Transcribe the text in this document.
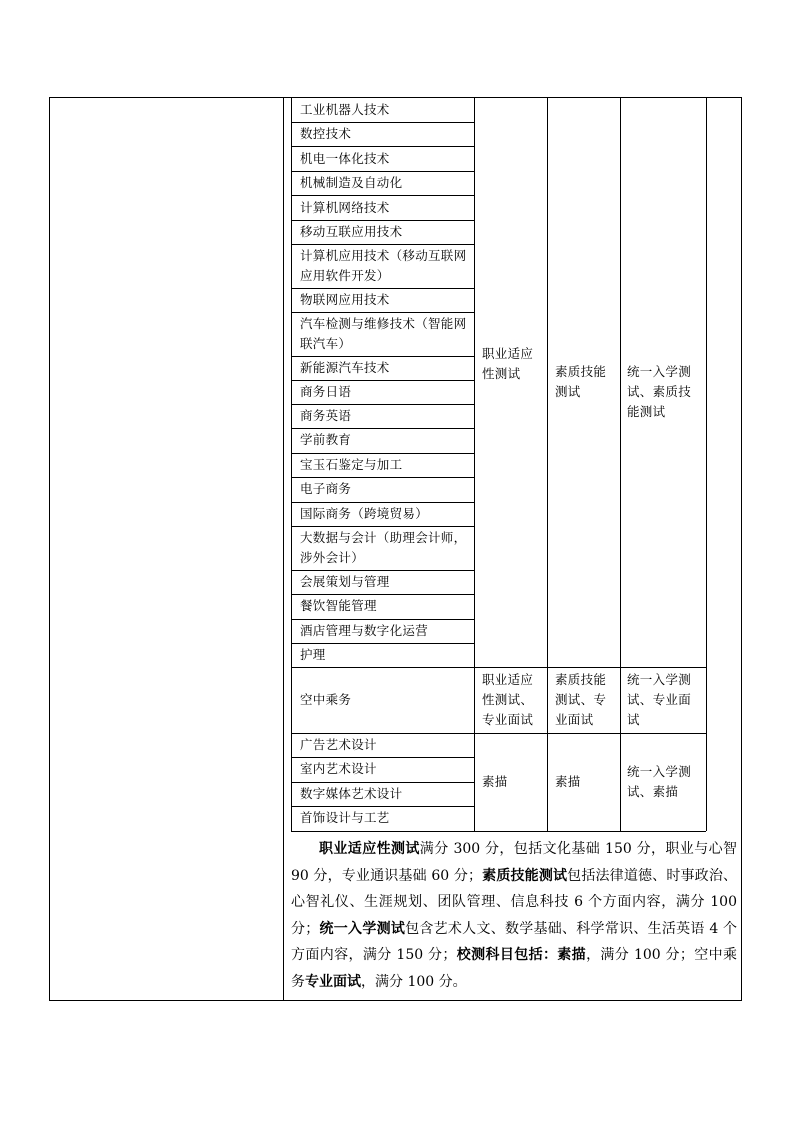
工业机器人技术
数控技术
机电一体化技术
机械制造及自动化
计算机网络技术
移动互联应用技术
计算机应用技术（移动互联网应用软件开发）
物联网应用技术
汽车检测与维修技术（智能网联汽车）
新能源汽车技术
商务日语
商务英语
学前教育
宝玉石鉴定与加工
电子商务
国际商务（跨境贸易）
大数据与会计（助理会计师，涉外会计）
会展策划与管理
餐饮智能管理
酒店管理与数字化运营
护理
职业适应性测试	素质技能测试
统一入学测试、素质技能测试
空中乘务
职业适应性测试、专业面试
素质技能测试、专业面试
统一入学测试、专业面试
广告艺术设计
室内艺术设计
数字媒体艺术设计
首饰设计与工艺
素描	素描
统一入学测试、素描

职业适应性测试满分 300 分，包括文化基础 150 分，职业与心智 90 分，专业通识基础 60 分；素质技能测试包括法律道德、时事政治、心智礼仪、生涯规划、团队管理、信息科技 6 个方面内容，满分 100 分；统一入学测试包含艺术人文、数学基础、科学常识、生活英语 4 个方面内容，满分 150 分；校测科目包括：素描，满分 100 分；空中乘务专业面试，满分 100 分。
